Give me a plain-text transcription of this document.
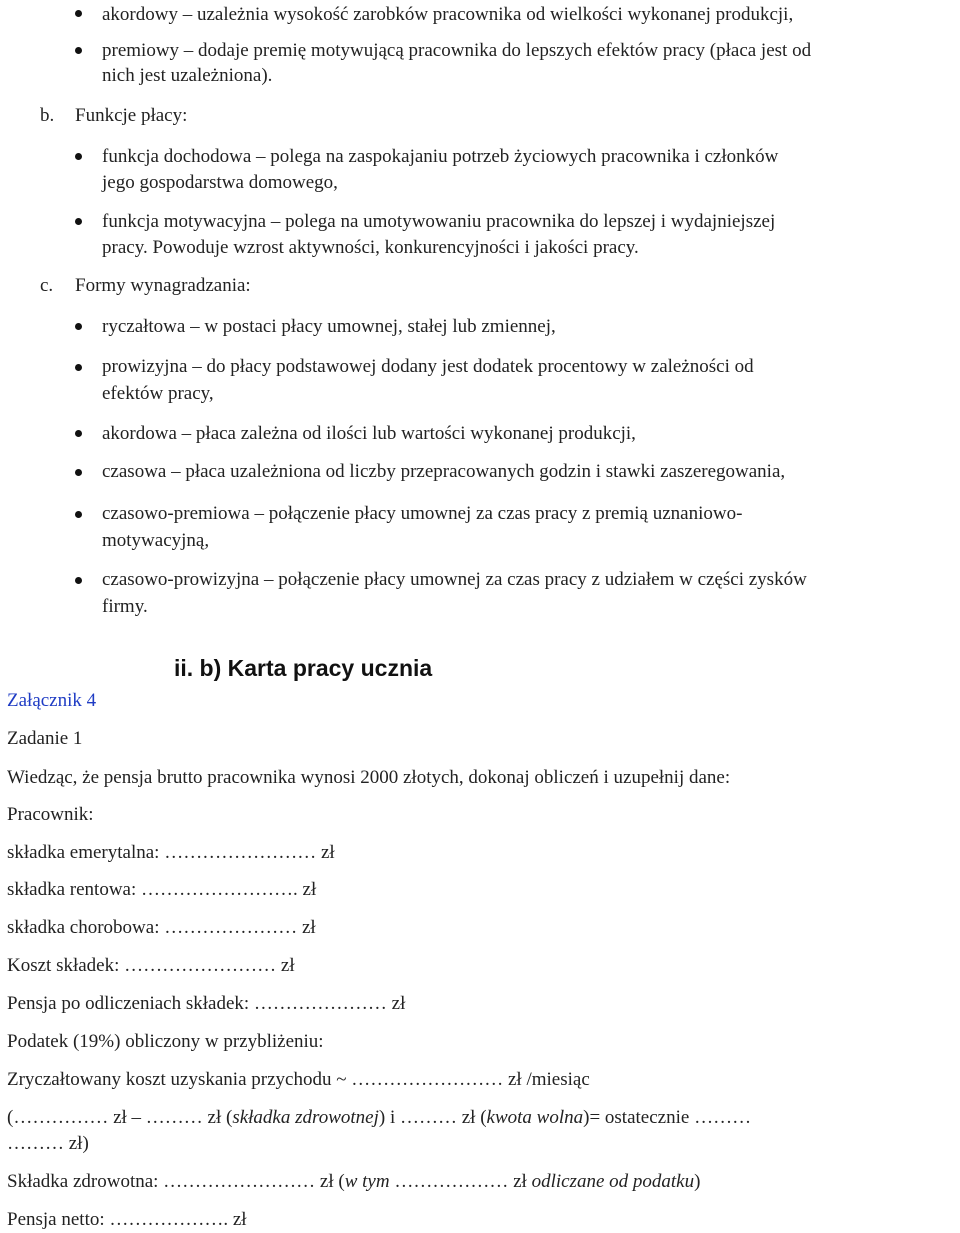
akordowy – uzależnia wysokość zarobków pracownika od wielkości wykonanej produkcji,
premiowy – dodaje premię motywującą pracownika do lepszych efektów pracy (płaca jest od
nich jest uzależniona).
b. Funkcje płacy:
funkcja dochodowa – polega na zaspokajaniu potrzeb życiowych pracownika i członków
jego gospodarstwa domowego,
funkcja motywacyjna – polega na umotywowaniu pracownika do lepszej i wydajniejszej
pracy. Powoduje wzrost aktywności, konkurencyjności i jakości pracy.
c. Formy wynagradzania:
ryczałtowa – w postaci płacy umownej, stałej lub zmiennej,
prowizyjna – do płacy podstawowej dodany jest dodatek procentowy w zależności od
efektów pracy,
akordowa – płaca zależna od ilości lub wartości wykonanej produkcji,
czasowa – płaca uzależniona od liczby przepracowanych godzin i stawki zaszeregowania,
czasowo-premiowa – połączenie płacy umownej za czas pracy z premią uznaniowo-
motywacyjną,
czasowo-prowizyjna – połączenie płacy umownej za czas pracy z udziałem w części zysków
firmy.
ii. b) Karta pracy ucznia
Załącznik 4
Zadanie 1
Wiedząc, że pensja brutto pracownika wynosi 2000 złotych, dokonaj obliczeń i uzupełnij dane:
Pracownik:
składka emerytalna: …………………… zł
składka rentowa: ……………………. zł
składka chorobowa: ………………… zł
Koszt składek: …………………… zł
Pensja po odliczeniach składek: ………………… zł
Podatek (19%) obliczony w przybliżeniu:
Zryczałtowany koszt uzyskania przychodu ~ …………………… zł /miesiąc
(…………… zł – ……… zł (składka zdrowotnej) i ……… zł (kwota wolna)= ostatecznie ………
……… zł)
Składka zdrowotna: …………………… zł (w tym ……………… zł odliczane od podatku)
Pensja netto: ………………. zł
